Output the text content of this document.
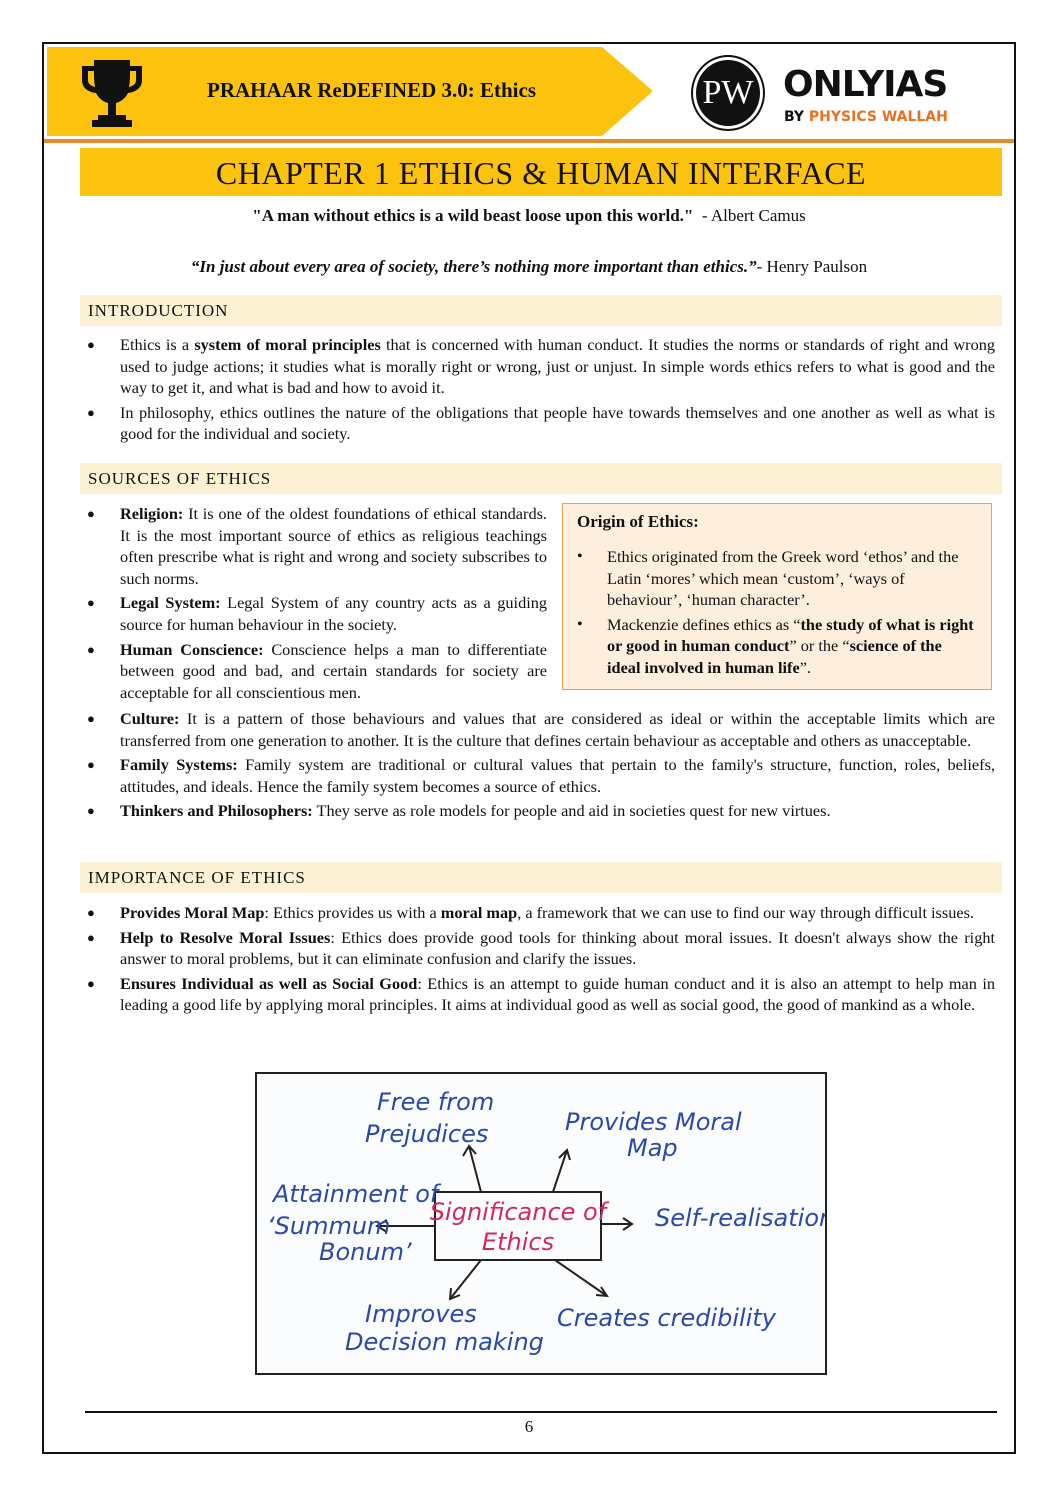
PRAHAAR ReDEFINED 3.0: Ethics	PW ONLYIAS
BY PHYSICS WALLAH
CHAPTER 1 ETHICS & HUMAN INTERFACE
"A man without ethics is a wild beast loose upon this world." - Albert Camus
“In just about every area of society, there’s nothing more important than ethics.”- Henry Paulson
INTRODUCTION
● Ethics is a system of moral principles that is concerned with human conduct. It studies the norms or standards of right and wrong used to judge actions; it studies what is morally right or wrong, just or unjust. In simple words ethics refers to what is good and the way to get it, and what is bad and how to avoid it.
● In philosophy, ethics outlines the nature of the obligations that people have towards themselves and one another as well as what is good for the individual and society.
SOURCES OF ETHICS
● Religion: It is one of the oldest foundations of ethical standards. It is the most important source of ethics as religious teachings often prescribe what is right and wrong and society subscribes to such norms.
● Legal System: Legal System of any country acts as a guiding source for human behaviour in the society.
● Human Conscience: Conscience helps a man to differentiate between good and bad, and certain standards for society are acceptable for all conscientious men.
Origin of Ethics:
• Ethics originated from the Greek word ‘ethos’ and the Latin ‘mores’ which mean ‘custom’, ‘ways of behaviour’, ‘human character’.
• Mackenzie defines ethics as “the study of what is right or good in human conduct” or the “science of the ideal involved in human life”.
● Culture: It is a pattern of those behaviours and values that are considered as ideal or within the acceptable limits which are transferred from one generation to another. It is the culture that defines certain behaviour as acceptable and others as unacceptable.
● Family Systems: Family system are traditional or cultural values that pertain to the family's structure, function, roles, beliefs, attitudes, and ideals. Hence the family system becomes a source of ethics.
● Thinkers and Philosophers: They serve as role models for people and aid in societies quest for new virtues.
IMPORTANCE OF ETHICS
● Provides Moral Map: Ethics provides us with a moral map, a framework that we can use to find our way through difficult issues.
● Help to Resolve Moral Issues: Ethics does provide good tools for thinking about moral issues. It doesn't always show the right answer to moral problems, but it can eliminate confusion and clarify the issues.
● Ensures Individual as well as Social Good: Ethics is an attempt to guide human conduct and it is also an attempt to help man in leading a good life by applying moral principles. It aims at individual good as well as social good, the good of mankind as a whole.
Significance of
Ethics
Free from
Prejudices	Provides Moral
Map
Self-realisation
Attainment of
‘Summum
Bonum’
Improves
Decision making
Creates credibility
6
